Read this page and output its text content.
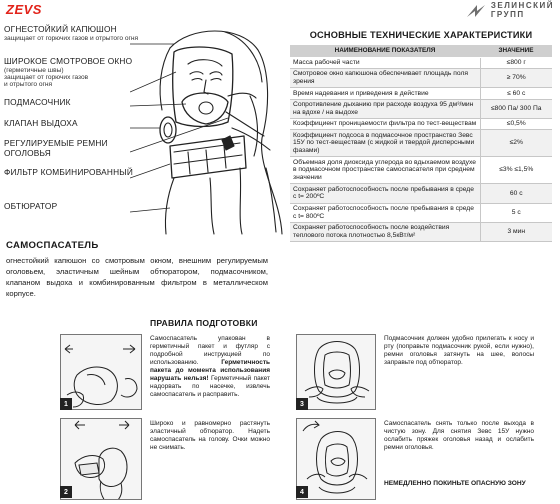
ZEVS	ЗЕЛИНСКИЙ
ГРУПП
ОГНЕСТОЙКИЙ КАПЮШОН
защищает от горючих газов и отрытого огня
ШИРОКОЕ СМОТРОВОЕ ОКНО
(герметичные швы)
защищает от горючих газов
и отрытого огня
ПОДМАСОЧНИК
КЛАПАН ВЫДОХА
РЕГУЛИРУЕМЫЕ РЕМНИ
ОГОЛОВЬЯ
ФИЛЬТР КОМБИНИРОВАННЫЙ
ОБТЮРАТОР
САМОСПАСАТЕЛЬ
огнестойкий капюшон со смотровым окном, внешним регулируемым оголовьем, эластичным шейным обтюратором, подмасочником, клапаном выдоха и комбинированным фильтром в металлическом корпусе.
ОСНОВНЫЕ ТЕХНИЧЕСКИЕ ХАРАКТЕРИСТИКИ
НАИМЕНОВАНИЕ ПОКАЗАТЕЛЯ	ЗНАЧЕНИЕ
Масса рабочей части	≤800 г
Смотровое окно капюшона обеспечивает площадь поля зрения	≥ 70%
Время надевания и приведения в действие	≤ 60 с
Сопротивление дыханию при расходе воздуха 95 дм³/мин на вдохе / на выдохе	≤800 Па/ 300 Па
Коэффициент проницаемости фильтра по тест-веществам	≤0,5%
Коэффициент подсоса в подмасочное пространство Зевс 15У по тест-веществам (с жидкой и твердой дисперсными фазами)	≤2%
Объемная доля диоксида углерода во вдыхаемом воздухе в подмасочном пространстве самоспасателя при среднем значении	≤3% ≤1,5%
Сохраняет работоспособность после пребывания в среде с t= 200ºС	60 с
Сохраняет работоспособность после пребывания в среде с t= 800ºС	5 с
Сохраняет работоспособность после воздействия теплового потока плотностью 8,5кВт/м²	3 мин
ПРАВИЛА ПОДГОТОВКИ
1
Самоспасатель упакован в герметичный пакет и футляр с подробной инструкцией по использованию.	Герметичность пакета до момента использования нарушать нельзя! Герметичный пакет надорвать по насечке, извлечь самоспасатель и расправить.
2
Широко и равномерно растянуть эластичный обтюратор. Надеть самоспасатель на голову. Очки можно не снимать.
3
Подмасочник должен удобно прилегать к носу и рту (поправьте подмасочник рукой, если нужно), ремни оголовья затянуть на шее, волосы заправьте под обтюратор.
4
Самоспасатель снять только после выхода в чистую зону. Для снятия Зевс 15У нужно ослабить пряжек оголовья назад и ослабить ремни оголовья.
НЕМЕДЛЕННО ПОКИНЬТЕ ОПАСНУЮ ЗОНУ
